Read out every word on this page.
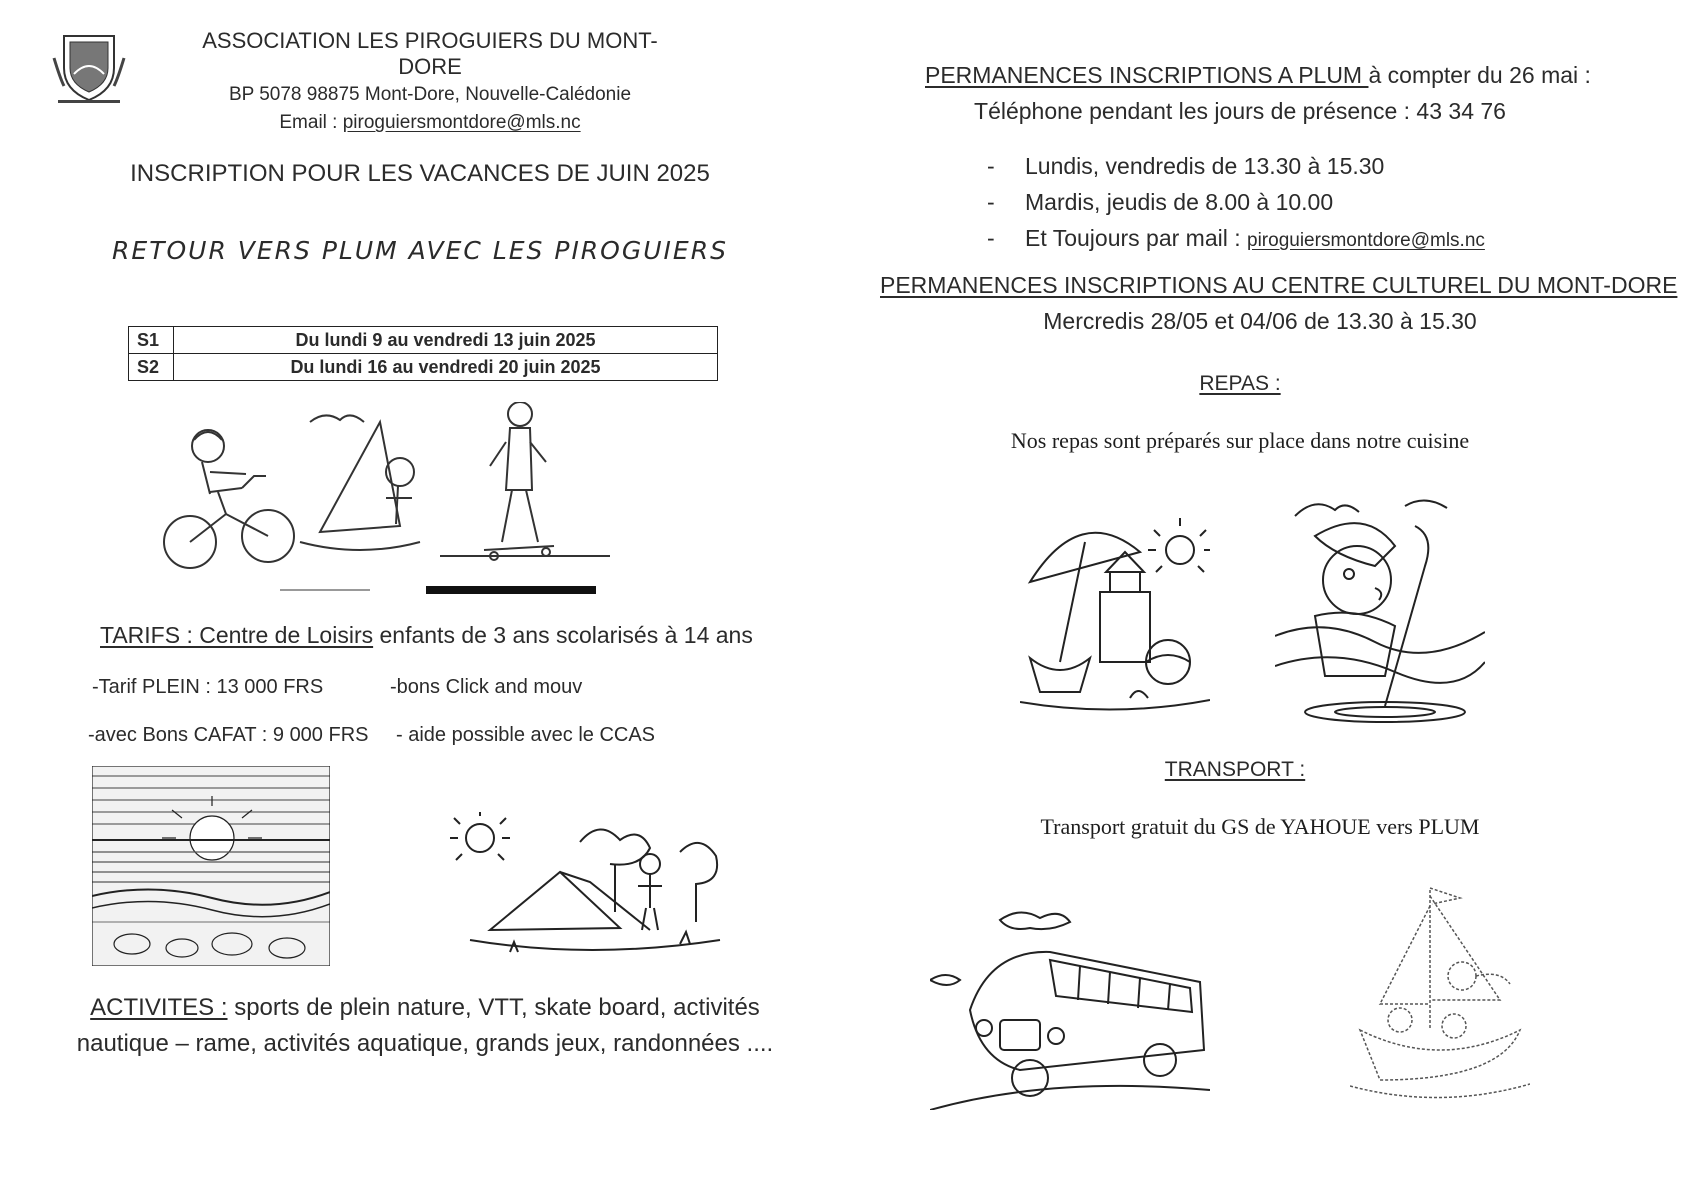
ASSOCIATION LES PIROGUIERS DU MONT-DORE
BP 5078 98875 Mont-Dore, Nouvelle-Calédonie
Email : piroguiersmontdore@mls.nc
INSCRIPTION POUR LES VACANCES DE JUIN 2025
RETOUR VERS PLUM AVEC LES PIROGUIERS
S1	Du lundi 9 au vendredi 13 juin 2025
S2	Du lundi 16 au vendredi 20 juin 2025
TARIFS : Centre de Loisirs enfants de 3 ans scolarisés à 14 ans
-Tarif PLEIN : 13 000 FRS	-bons Click and mouv
-avec Bons CAFAT : 9 000 FRS - aide possible avec le CCAS
ACTIVITES : sports de plein nature, VTT, skate board, activités nautique – rame, activités aquatique, grands jeux, randonnées ....
PERMANENCES INSCRIPTIONS A PLUM à compter du 26 mai :
Téléphone pendant les jours de présence : 43 34 76
- Lundis, vendredis de 13.30 à 15.30
- Mardis, jeudis de 8.00 à 10.00
- Et Toujours par mail : piroguiersmontdore@mls.nc
PERMANENCES INSCRIPTIONS AU CENTRE CULTUREL DU MONT-DORE
Mercredis 28/05 et 04/06 de 13.30 à 15.30
REPAS :
Nos repas sont préparés sur place dans notre cuisine
TRANSPORT :
Transport gratuit du GS de YAHOUE vers PLUM
